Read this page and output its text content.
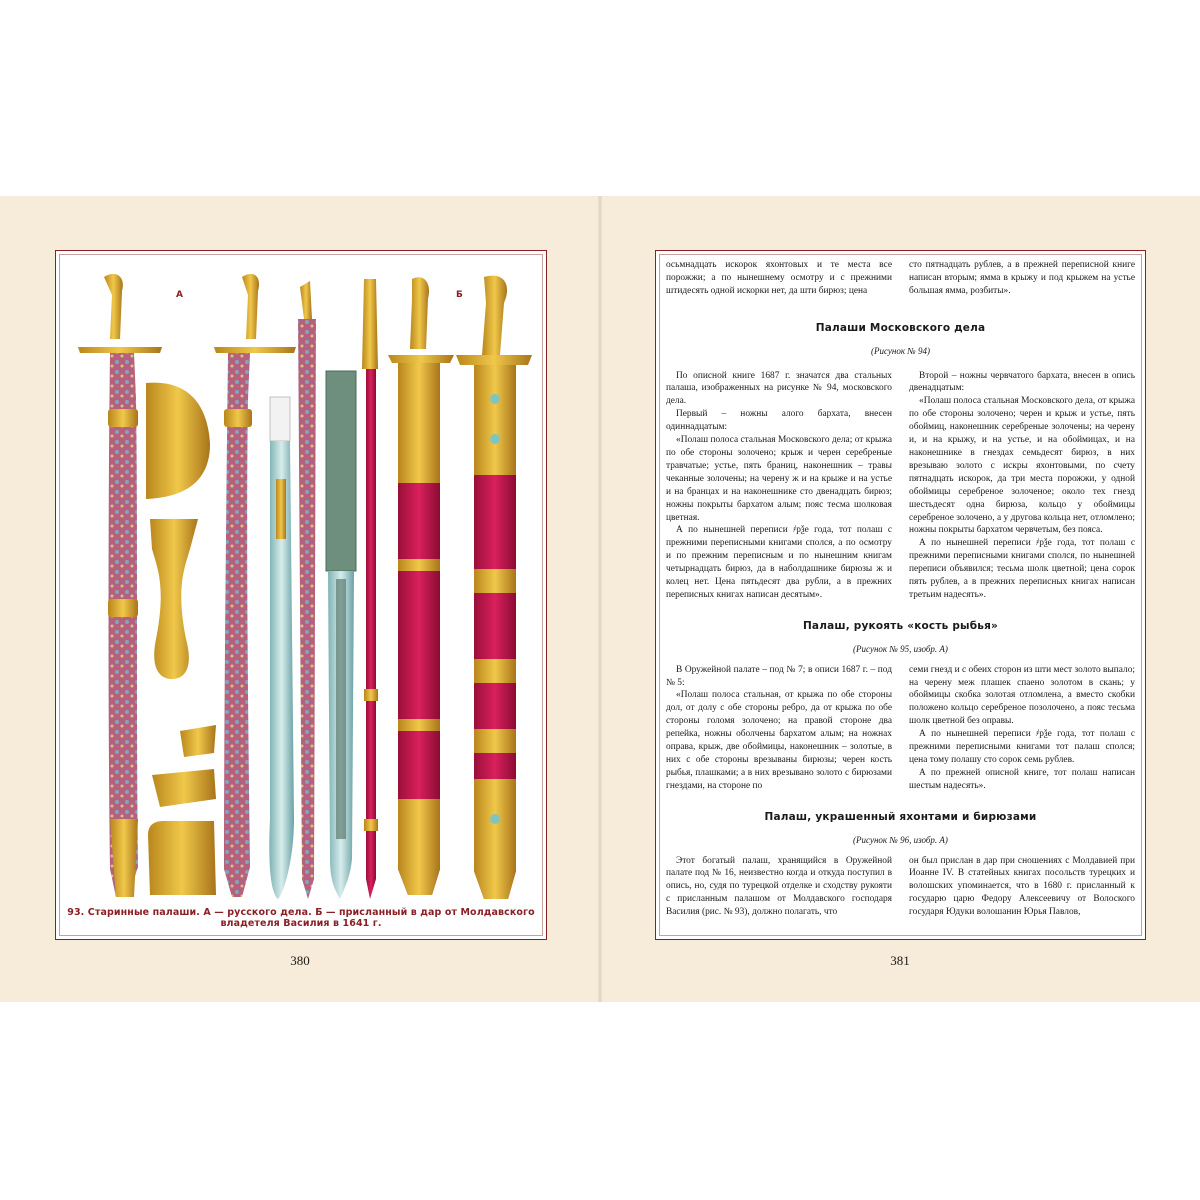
А	Б
93. Старинные палаши. А — русского дела. Б — присланный в дар от Молдавского владетеля Василия в 1641 г.
380

осьмнадцать искорок яхонтовых и те места все порожжи; а по нынешнему осмотру и с прежними штидесять одной искорки нет, да шти бирюз; цена

сто пятнадцать рублев, а в прежней переписной книге написан вторым; ямма в крыжу и под крыжем на устье большая ямма, розбиты».

Палаши Московского дела

(Рисунок № 94)

По описной книге 1687 г. значатся два стальных палаша, изображенных на рисунке № 94, московского дела.

Первый – ножны алого бархата, внесен одиннадцатым:

«Полаш полоса стальная Московского дела; от крыжа по обе стороны золочено; крыж и черен серебреные травчатые; устье, пять браниц, наконешник – травы чеканные золочены; на черену ж и на крыже и на устье и на бранцах и на наконешнике сто двенадцать бирюз; ножны покрыты бархатом алым; пояс тесма шолковая цветная.

А по нынешней переписи ҂рѯе года, тот полаш с прежними переписными книгами сполся, а по осмотру и по прежним переписным и по нынешним книгам четырнадцать бирюз, да в наболдашнике бирюзы ж и колец нет. Цена пятьдесят два рубли, а в прежних переписных книгах написан десятым».

Второй – ножны червчатого бархата, внесен в опись двенадцатым:

«Полаш полоса стальная Московского дела, от крыжа по обе стороны золочено; черен и крыж и устье, пять обоймиц, наконешник серебреные золочены; на черену и, и на крыжу, и на устье, и на обоймицах, и на наконешнике в гнездах семьдесят бирюз, в них врезываю золото с искры яхонтовыми, по счету пятнадцать искорок, да три местa порожжи, у одной обоймицы серебреное золоченое; около тех гнезд шестьдесят одна бирюза, кольцо у обоймицы серебреное золочено, а у другова кольца нет, отломлено; ножны покрыты бархатом червчетым, без пояса.

А по нынешней переписи ҂рѯе года, тот полаш с прежними переписными книгами сполся, по нынешней переписи объявился; тесьма шолк цветной; цена сорок пять рублев, а в прежних переписных книгах написан третьим надесять».

Палаш, рукоять «кость рыбья»

(Рисунок № 95, изобр. А)

В Оружейной палате – под № 7; в описи 1687 г. – под № 5:

«Полаш полоса стальная, от крыжа по обе стороны дол, от долу с обе стороны ребро, да от крыжа по обе стороны голомя золочено; на правой стороне два репейка, ножны оболчены бархатом алым; на ножнах оправа, крыж, две обоймицы, наконешник – золотые, в них с обе стороны врезываны бирюзы; черен кость рыбья, плашками; а в них врезывано золото с бирюзами гнездами, на стороне по

семи гнезд и с обеих сторон из шти мест золото выпало; на черену меж плашек спаено золотом в скань; у обоймицы скобка золотая отломлена, а вместо скобки положено кольцо серебреное позолочено, а пояс тесьма шолк цветной без оправы.

А по нынешней переписи ҂рѯе года, тот полаш с прежними переписными книгами тот палаш сполся; цена тому полашу сто сорок семь рублев.

А по прежней описной книге, тот полаш написан шестым надесять».

Палаш, украшенный яхонтами и бирюзами

(Рисунок № 96, изобр. А)

Этот богатый палаш, хранящийся в Оружейной палате под № 16, неизвестно когда и откуда поступил в опись, но, судя по турецкой отделке и сходству рукояти с присланным палашом от Молдавского господаря Василия (рис. № 93), должно полагать, что

он был прислан в дар при сношениях с Молдавией при Иоанне IV. В статейных книгах посольств турецких и волошских упоминается, что в 1680 г. присланный к государю царю Федору Алексеевичу от Волоского государя Юдуки волошанин Юрья Павлов,

381
